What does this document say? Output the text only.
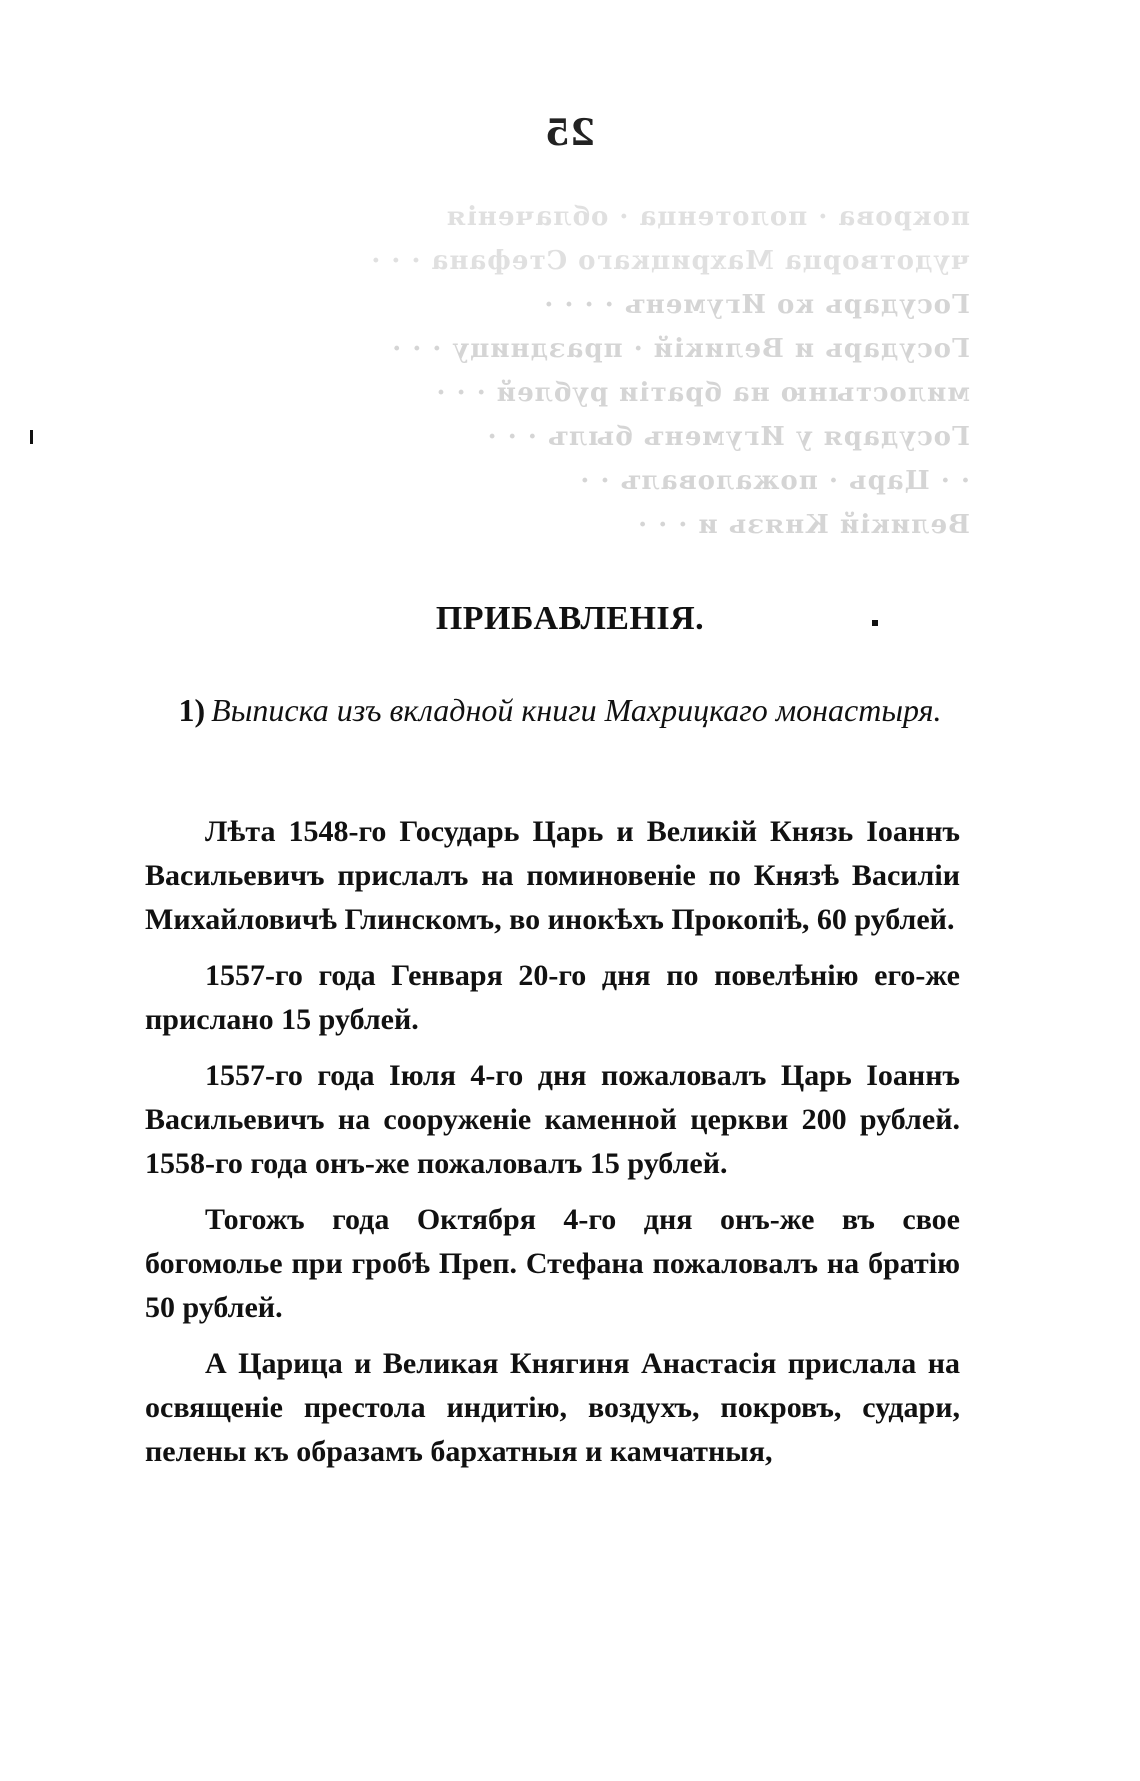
25
покрова · полотенца · облаченія
чудотворца Махрицкаго Стефана · · ·
Государь ко Игуменъ · · · ·
Государь и Великій · праздницу · · ·
милостыню на братіи рублей · · ·
Государя у Игуменъ былъ · · ·
· · Царь · пожаловалъ · ·
Великій Князь и · · ·
ПРИБАВЛЕНІЯ.
1) Выписка изъ вкладной книги Махрицкаго монастыря.

Лѣта 1548-го Государь Царь и Великій Князь Іоаннъ Васильевичъ прислалъ на поминовеніе по Князѣ Василіи Михайловичѣ Глинскомъ, во инокѣхъ Прокопіѣ, 60 рублей.

1557-го года Генваря 20-го дня по повелѣнію его-же прислано 15 рублей.

1557-го года Іюля 4-го дня пожаловалъ Царь Іоаннъ Васильевичъ на сооруженіе каменной церкви 200 рублей. 1558-го года онъ-же пожаловалъ 15 рублей.

Тогожъ года Октября 4-го дня онъ-же въ свое богомолье при гробѣ Преп. Стефана пожаловалъ на братію 50 рублей.

А Царица и Великая Княгиня Анастасія прислала на освященіе престола индитію, воздухъ, покровъ, судари, пелены къ образамъ бархатныя и камчатныя,
